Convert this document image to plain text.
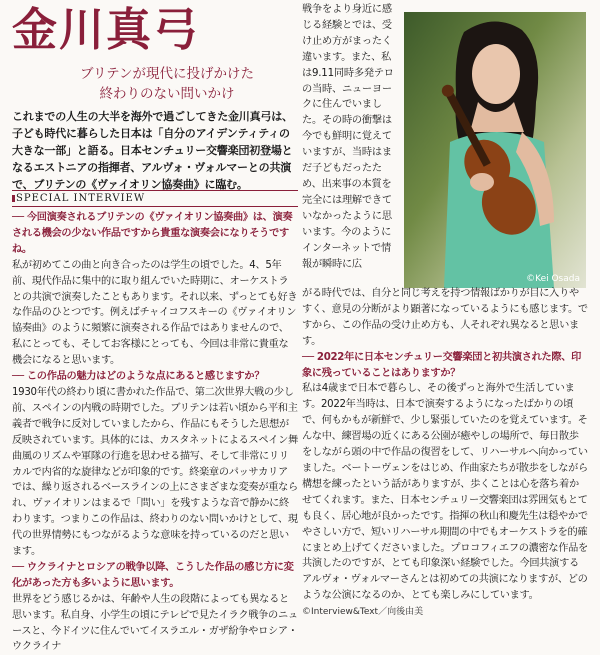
金川真弓
ブリテンが現代に投げかけた
終わりのない問いかけ
これまでの人生の大半を海外で過ごしてきた金川真弓は、子ども時代に暮らした日本は「自分のアイデンティティの大きな一部」と語る。日本センチュリー交響楽団初登場となるエストニアの指揮者、アルヴォ・ヴォルマーとの共演で、ブリテンの《ヴァイオリン協奏曲》に臨む。
SPECIAL INTERVIEW
── 今回演奏されるブリテンの《ヴァイオリン協奏曲》は、演奏される機会の少ない作品ですから貴重な演奏会になりそうですね。
私が初めてこの曲と向き合ったのは学生の頃でした。4、5年前、現代作品に集中的に取り組んでいた時期に、オーケストラとの共演で演奏したこともあります。それ以来、ずっとても好きな作品のひとつです。例えばチャイコフスキーの《ヴァイオリン協奏曲》のように頻繁に演奏される作品ではありませんので、私にとっても、そしてお客様にとっても、今回は非常に貴重な機会になると思います。
── この作品の魅力はどのような点にあると感じますか？
1930年代の終わり頃に書かれた作品で、第二次世界大戦の少し前、スペインの内戦の時期でした。ブリテンは若い頃から平和主義者で戦争に反対していましたから、作品にもそうした思想が反映されています。具体的には、カスタネットによるスペイン舞曲風のリズムや軍隊の行進を思わせる描写、そして非常にリリカルで内省的な旋律などが印象的です。終楽章のパッサカリアでは、繰り返されるベースラインの上にさまざまな変奏が重なられ、ヴァイオリンはまるで「問い」を残すような音で静かに終わります。つまりこの作品は、終わりのない問いかけとして、現代の世界情勢にもつながるような意味を持っているのだと思います。
── ウクライナとロシアの戦争以降、こうした作品の感じ方に変化があった方も多いように思います。
世界をどう感じるかは、年齢や人生の段階によっても異なると思います。私自身、小学生の頃にテレビで見たイラク戦争のニュースと、今ドイツに住んでいてイスラエル・ガザ紛争やロシア・ウクライナ
戦争をより身近に感じる経験とでは、受け止め方がまったく違います。また、私は9.11同時多発テロの当時、ニューヨークに住んでいました。その時の衝撃は今でも鮮明に覚えていますが、当時はまだ子どもだったため、出来事の本質を完全には理解できていなかったように思います。今のようにインターネットで情報が瞬時に広
©Kei Osada
がる時代では、自分と同じ考えを持つ情報ばかりが目に入りやすく、意見の分断がより顕著になっているようにも感じます。ですから、この作品の受け止め方も、人それぞれ異なると思います。
── 2022年に日本センチュリー交響楽団と初共演された際、印象に残っていることはありますか？
私は4歳まで日本で暮らし、その後ずっと海外で生活しています。2022年当時は、日本で演奏するようになったばかりの頃で、何もかもが新鮮で、少し緊張していたのを覚えています。そんな中、練習場の近くにある公園が癒やしの場所で、毎日散歩をしながら頭の中で作品の復習をして、リハーサルへ向かっていました。ベートーヴェンをはじめ、作曲家たちが散歩をしながら構想を練ったという話がありますが、歩くことは心を落ち着かせてくれます。また、日本センチュリー交響楽団は雰囲気もとても良く、居心地が良かったです。指揮の秋山和慶先生は穏やかでやさしい方で、短いリハーサル期間の中でもオーケストラを的確にまとめ上げてくださいました。プロコフィエフの濃密な作品を共演したのですが、とても印象深い経験でした。今回共演するアルヴォ・ヴォルマーさんとは初めての共演になりますが、どのような公演になるのか、とても楽しみにしています。
©Interview&Text／向後由美
